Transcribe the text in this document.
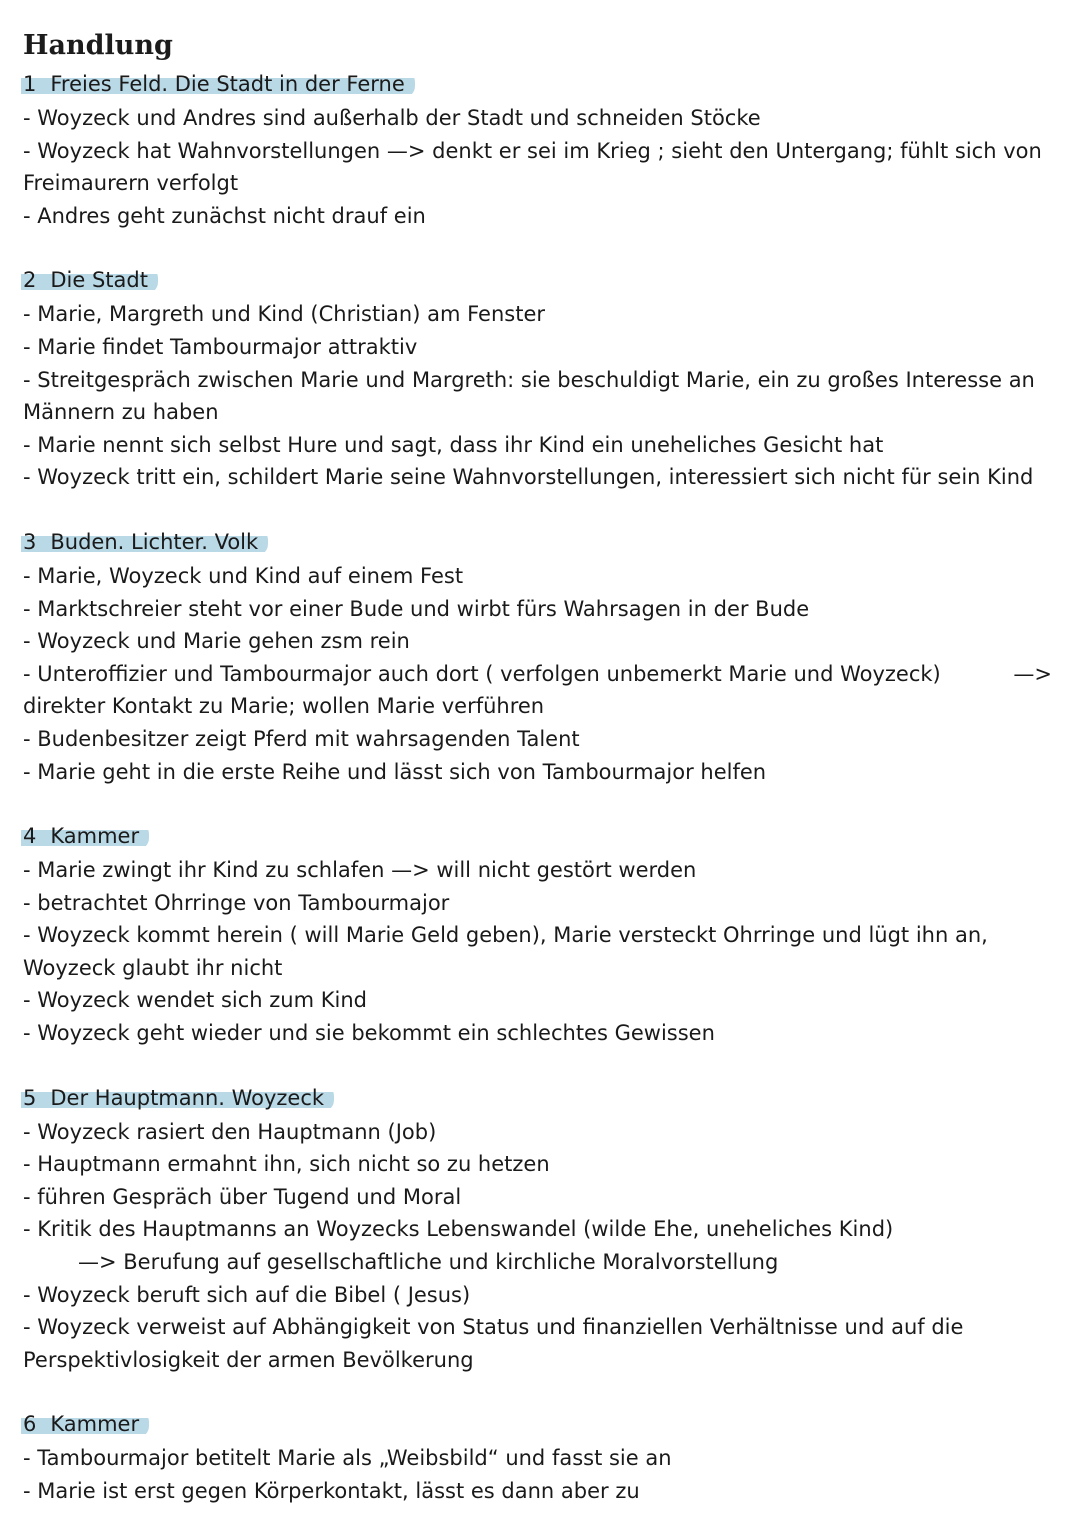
Handlung
1 Freies Feld. Die Stadt in der Ferne
- Woyzeck und Andres sind außerhalb der Stadt und schneiden Stöcke
- Woyzeck hat Wahnvorstellungen —> denkt er sei im Krieg ; sieht den Untergang; fühlt sich von Freimaurern verfolgt
- Andres geht zunächst nicht drauf ein
2 Die Stadt
- Marie, Margreth und Kind (Christian) am Fenster
- Marie findet Tambourmajor attraktiv
- Streitgespräch zwischen Marie und Margreth: sie beschuldigt Marie, ein zu großes Interesse an Männern zu haben
- Marie nennt sich selbst Hure und sagt, dass ihr Kind ein uneheliches Gesicht hat
- Woyzeck tritt ein, schildert Marie seine Wahnvorstellungen, interessiert sich nicht für sein Kind
3 Buden. Lichter. Volk
- Marie, Woyzeck und Kind auf einem Fest
- Marktschreier steht vor einer Bude und wirbt fürs Wahrsagen in der Bude
- Woyzeck und Marie gehen zsm rein
—>
- Unteroffizier und Tambourmajor auch dort ( verfolgen unbemerkt Marie und Woyzeck)
direkter Kontakt zu Marie; wollen Marie verführen
- Budenbesitzer zeigt Pferd mit wahrsagenden Talent
- Marie geht in die erste Reihe und lässt sich von Tambourmajor helfen
4 Kammer
- Marie zwingt ihr Kind zu schlafen —> will nicht gestört werden
- betrachtet Ohrringe von Tambourmajor
- Woyzeck kommt herein ( will Marie Geld geben), Marie versteckt Ohrringe und lügt ihn an, Woyzeck glaubt ihr nicht
- Woyzeck wendet sich zum Kind
- Woyzeck geht wieder und sie bekommt ein schlechtes Gewissen
5 Der Hauptmann. Woyzeck
- Woyzeck rasiert den Hauptmann (Job)
- Hauptmann ermahnt ihn, sich nicht so zu hetzen
- führen Gespräch über Tugend und Moral
- Kritik des Hauptmanns an Woyzecks Lebenswandel (wilde Ehe, uneheliches Kind)
—> Berufung auf gesellschaftliche und kirchliche Moralvorstellung
- Woyzeck beruft sich auf die Bibel ( Jesus)
- Woyzeck verweist auf Abhängigkeit von Status und finanziellen Verhältnisse und auf die Perspektivlosigkeit der armen Bevölkerung
6 Kammer
- Tambourmajor betitelt Marie als „Weibsbild“ und fasst sie an
- Marie ist erst gegen Körperkontakt, lässt es dann aber zu
